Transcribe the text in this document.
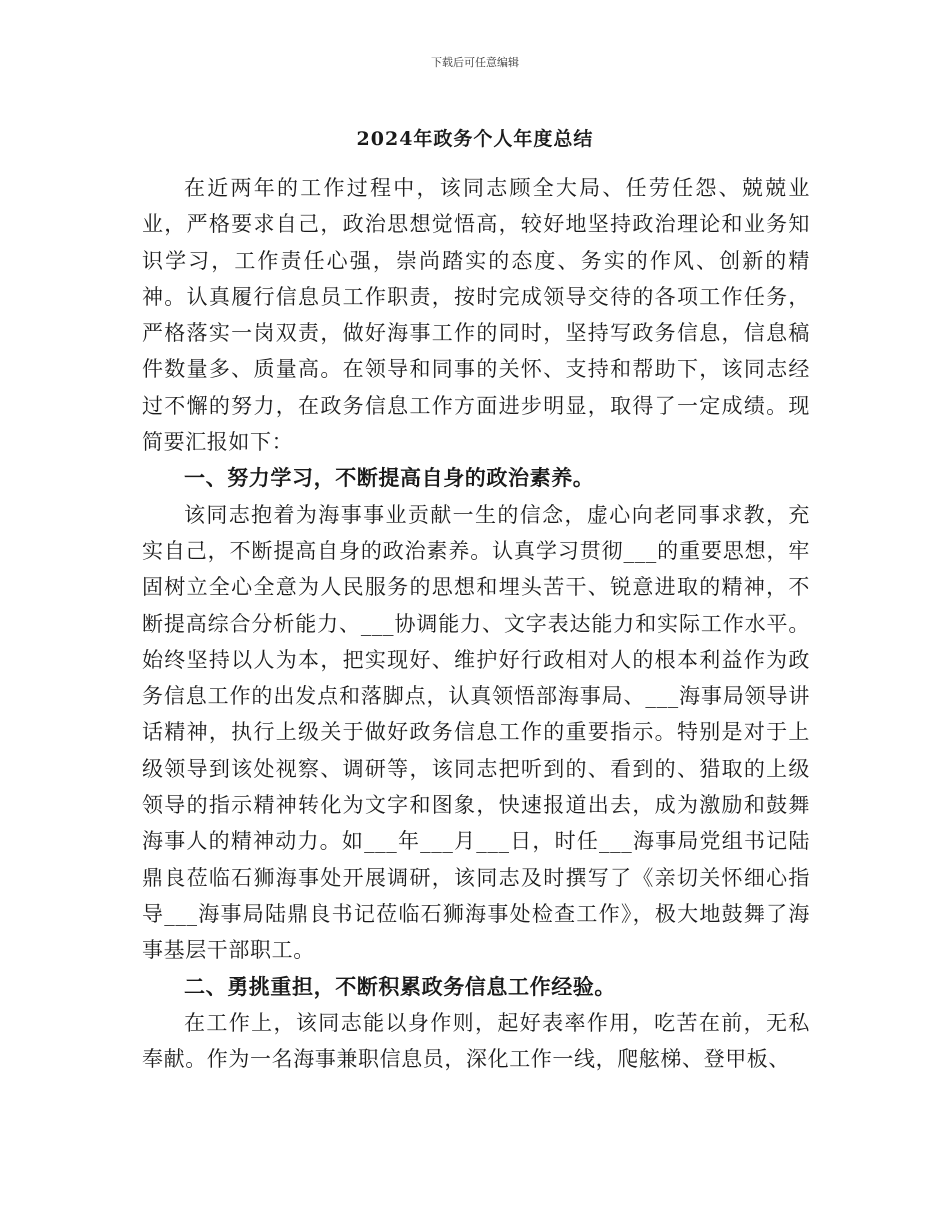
下载后可任意编辑
2024年政务个人年度总结

在近两年的工作过程中，该同志顾全大局、任劳任怨、兢兢业业，严格要求自己，政治思想觉悟高，较好地坚持政治理论和业务知识学习，工作责任心强，崇尚踏实的态度、务实的作风、创新的精神。认真履行信息员工作职责，按时完成领导交待的各项工作任务，严格落实一岗双责，做好海事工作的同时，坚持写政务信息，信息稿件数量多、质量高。在领导和同事的关怀、支持和帮助下，该同志经过不懈的努力，在政务信息工作方面进步明显，取得了一定成绩。现简要汇报如下：

一、努力学习，不断提高自身的政治素养。

该同志抱着为海事事业贡献一生的信念，虚心向老同事求教，充实自己，不断提高自身的政治素养。认真学习贯彻___的重要思想，牢固树立全心全意为人民服务的思想和埋头苦干、锐意进取的精神，不断提高综合分析能力、___协调能力、文字表达能力和实际工作水平。始终坚持以人为本，把实现好、维护好行政相对人的根本利益作为政务信息工作的出发点和落脚点，认真领悟部海事局、___海事局领导讲话精神，执行上级关于做好政务信息工作的重要指示。特别是对于上级领导到该处视察、调研等，该同志把听到的、看到的、猎取的上级领导的指示精神转化为文字和图象，快速报道出去，成为激励和鼓舞海事人的精神动力。如___年___月___日，时任___海事局党组书记陆鼎良莅临石狮海事处开展调研，该同志及时撰写了《亲切关怀细心指导___海事局陆鼎良书记莅临石狮海事处检查工作》，极大地鼓舞了海事基层干部职工。

二、勇挑重担，不断积累政务信息工作经验。

在工作上，该同志能以身作则，起好表率作用，吃苦在前，无私奉献。作为一名海事兼职信息员，深化工作一线，爬舷梯、登甲板、
